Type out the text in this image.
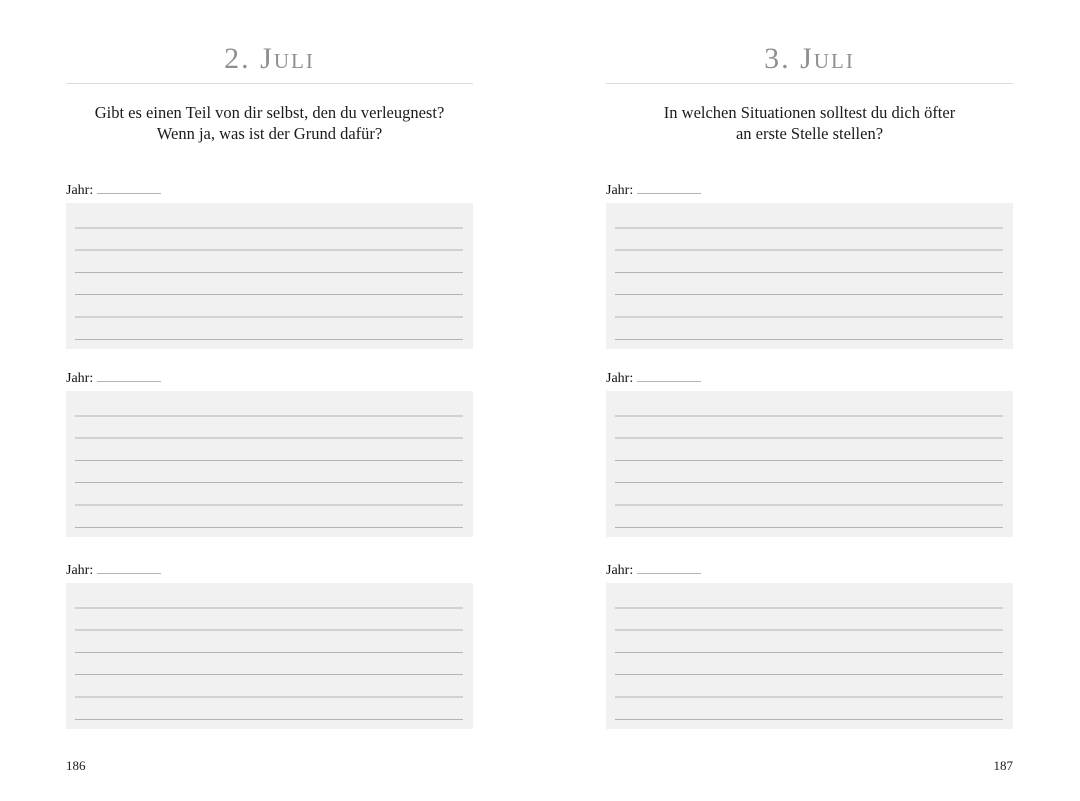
2. Juli
Gibt es einen Teil von dir selbst, den du verleugnest?
Wenn ja, was ist der Grund dafür?
Jahr:
Jahr:
Jahr:
186
3. Juli
In welchen Situationen solltest du dich öfter
an erste Stelle stellen?
Jahr:
Jahr:
Jahr:
187
